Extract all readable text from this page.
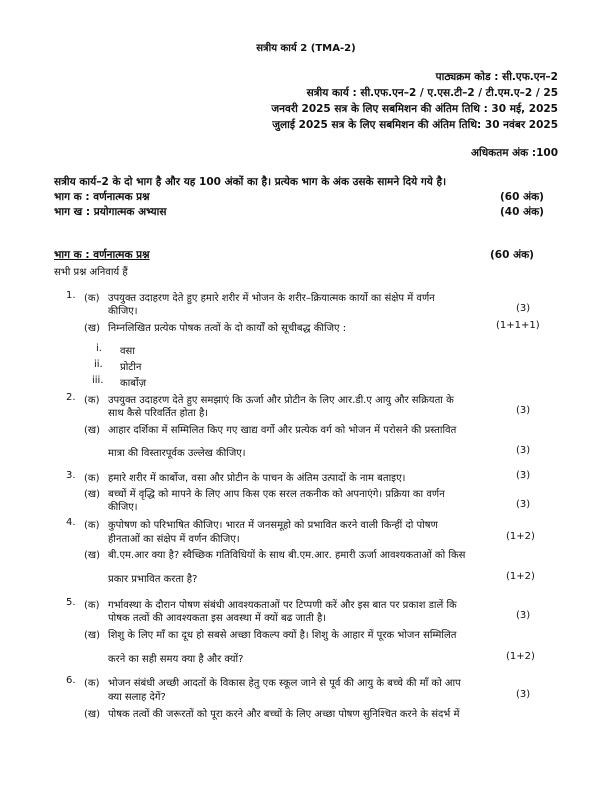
सत्रीय कार्य 2 (TMA-2)
पाठ्यक्रम कोड : सी.एफ.एन–2
सत्रीय कार्य : सी.एफ.एन–2 / ए.एस.टी–2 / टी.एम.ए–2 / 25
जनवरी 2025 सत्र के लिए सबमिशन की अंतिम तिथि : 30 मई, 2025
जुलाई 2025 सत्र के लिए सबमिशन की अंतिम तिथि: 30 नवंबर 2025
अधिकतम अंक :100
सत्रीय कार्य–2 के दो भाग है और यह 100 अंकों का है। प्रत्येक भाग के अंक उसके सामने दिये गये है।
भाग क : वर्णनात्मक प्रश्न	(60 अंक)
भाग ख : प्रयोगात्मक अभ्यास	(40 अंक)
भाग क : वर्णनात्मक प्रश्न	(60 अंक)
सभी प्रश्न अनिवार्य हैं
1. (क) उपयुक्त उदाहरण देते हुए हमारे शरीर में भोजन के शरीर–क्रियात्मक कार्यो का संक्षेप में वर्णन
कीजिए।	(3)
(ख) निम्नलिखित प्रत्येक पोषक तत्वों के दो कार्यों को सूचीबद्ध कीजिए :	(1+1+1)
i. वसा
ii. प्रोटीन
iii. कार्बोज़
2. (क) उपयुक्त उदाहरण देते हुए समझाएं कि ऊर्जा और प्रोटीन के लिए आर.डी.ए आयु और सक्रियता के
साथ कैसे परिवर्तित होता है।	(3)
(ख) आहार दर्शिका में सम्मिलित किए गए खाद्य वर्गो और प्रत्येक वर्ग को भोजन में परोसने की प्रस्तावित
मात्रा की विस्तारपूर्वक उल्लेख कीजिए।	(3)
3. (क) हमारे शरीर में कार्बोज, वसा और प्रोटीन के पाचन के अंतिम उत्पादों के नाम बताइए।	(3)
(ख) बच्चों में वृद्धि को मापने के लिए आप किस एक सरल तकनीक को अपनाएंगे। प्रक्रिया का वर्णन
कीजिए।	(3)
4. (क) कुपोषण को परिभाषित कीजिए। भारत में जनसमूहो को प्रभावित करने वाली किन्हीं दो पोषण
हीनताओं का संक्षेप में वर्णन कीजिए।	(1+2)
(ख) बी.एम.आर क्या है? स्वैच्छिक गतिविधियों के साथ बी.एम.आर. हमारी ऊर्जा आवश्यकताओं को किस
प्रकार प्रभावित करता है?	(1+2)
5. (क) गर्भावस्था के दौरान पोषण संबंधी आवश्यकताओं पर टिप्पणी करें और इस बात पर प्रकाश डालें कि
पोषक तत्वों की आवश्यकता इस अवस्था में क्यों बढ जाती है।	(3)
(ख) शिशु के लिए माँ का दूध हो सबसे अच्छा विकल्प क्यों है। शिशु के आहार में पूरक भोजन सम्मिलित
करने का सही समय क्या है और क्यों?	(1+2)
6. (क) भोजन संबंधी अच्छी आदतों के विकास हेतु एक स्कूल जाने से पूर्व की आयु के बच्चे की माँ को आप
क्या सलाह देगें?	(3)
(ख) पोषक तत्वों की जरूरतों को पूरा करने और बच्चों के लिए अच्छा पोषण सुनिश्चित करने के संदर्भ में
